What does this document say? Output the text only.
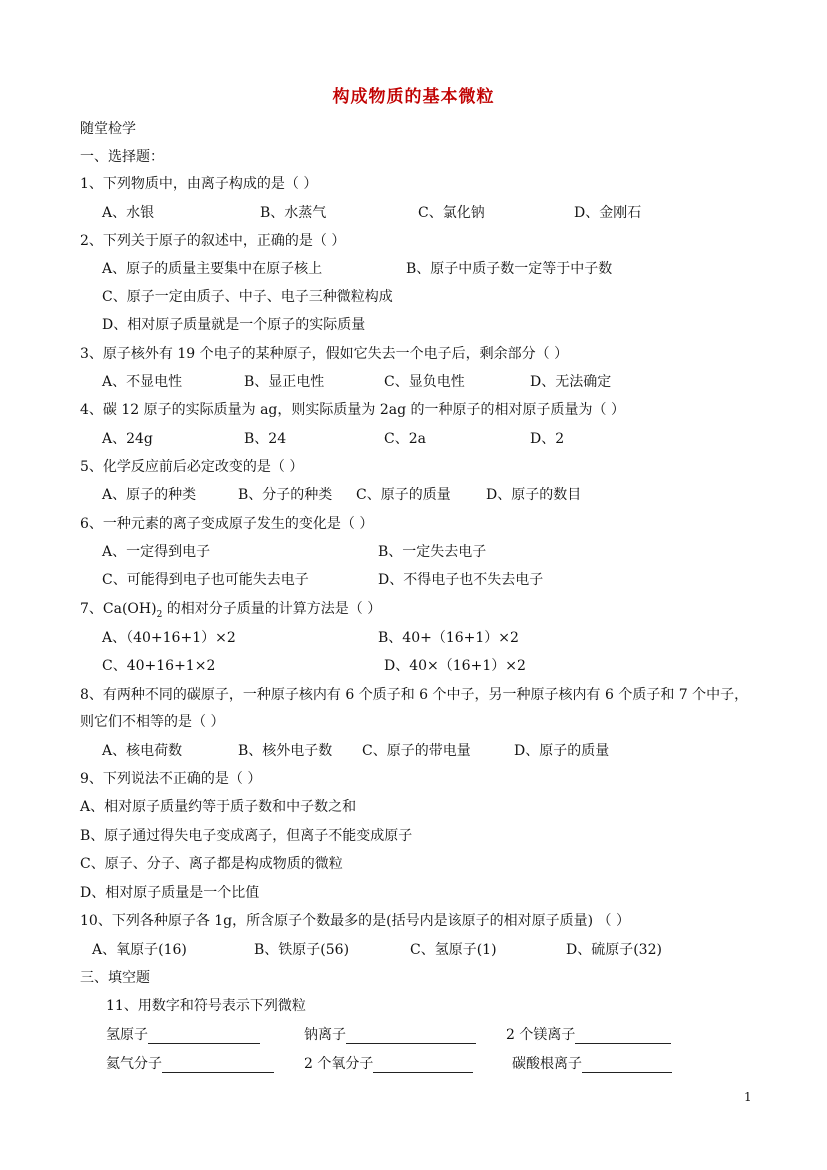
构成物质的基本微粒
随堂检学
一、选择题：
1、下列物质中，由离子构成的是（ ）
A、水银	B、水蒸气	C、氯化钠	D、金刚石
2、下列关于原子的叙述中，正确的是（ ）
A、原子的质量主要集中在原子核上	B、原子中质子数一定等于中子数
C、原子一定由质子、中子、电子三种微粒构成
D、相对原子质量就是一个原子的实际质量
3、原子核外有 19 个电子的某种原子，假如它失去一个电子后，剩余部分（ ）
A、不显电性	B、显正电性	C、显负电性	D、无法确定
4、碳 12 原子的实际质量为 ag，则实际质量为 2ag 的一种原子的相对原子质量为（ ）
A、24g	B、24	C、2a	D、2
5、化学反应前后必定改变的是（ ）
A、原子的种类	B、分子的种类 C、原子的质量	D、原子的数目
6、一种元素的离子变成原子发生的变化是（ ）
A、一定得到电子	B、一定失去电子
C、可能得到电子也可能失去电子	D、不得电子也不失去电子
7、$Ca(OH)_2$ 的相对分子质量的计算方法是（ ）
A、（40+16+1）×2	B、40+（16+1）×2
C、40+16+1×2	D、40×（16+1）×2
8、有两种不同的碳原子，一种原子核内有 6 个质子和 6 个中子，另一种原子核内有 6 个质子和 7 个中子，
则它们不相等的是（ ）
A、核电荷数	B、核外电子数 C、原子的带电量	D、原子的质量
9、下列说法不正确的是（ ）
A、相对原子质量约等于质子数和中子数之和
B、原子通过得失电子变成离子，但离子不能变成原子
C、原子、分子、离子都是构成物质的微粒
D、相对原子质量是一个比值
10、下列各种原子各 1g，所含原子个数最多的是(括号内是该原子的相对原子质量) （ ）
A、氧原子(16)	B、铁原子(56)	C、氢原子(1)	D、硫原子(32)
三、填空题
11、用数字和符号表示下列微粒
氢原子	钠离子	2 个镁离子
氦气分子	2 个氧分子	碳酸根离子
1
